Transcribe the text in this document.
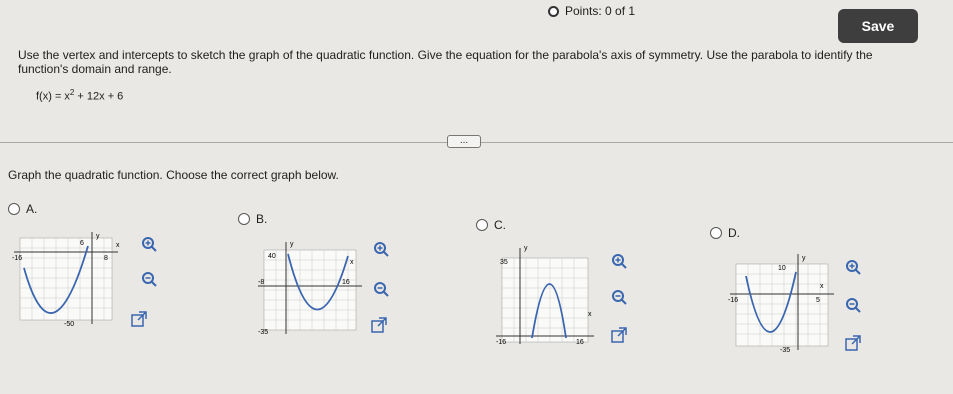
Points: 0 of 1
Save
Use the vertex and intercepts to sketch the graph of the quadratic function. Give the equation for the parabola's axis of symmetry. Use the parabola to identify the function's domain and range.
$f(x) = x^2 + 12x + 6$
...
Graph the quadratic function. Choose the correct graph below.
A.
y
x
6
-16	8
-50
B.
y
x
40
-8	16
-35
C.
y
x
35
-16	16
D.
y
x
10
-16	5
-35
